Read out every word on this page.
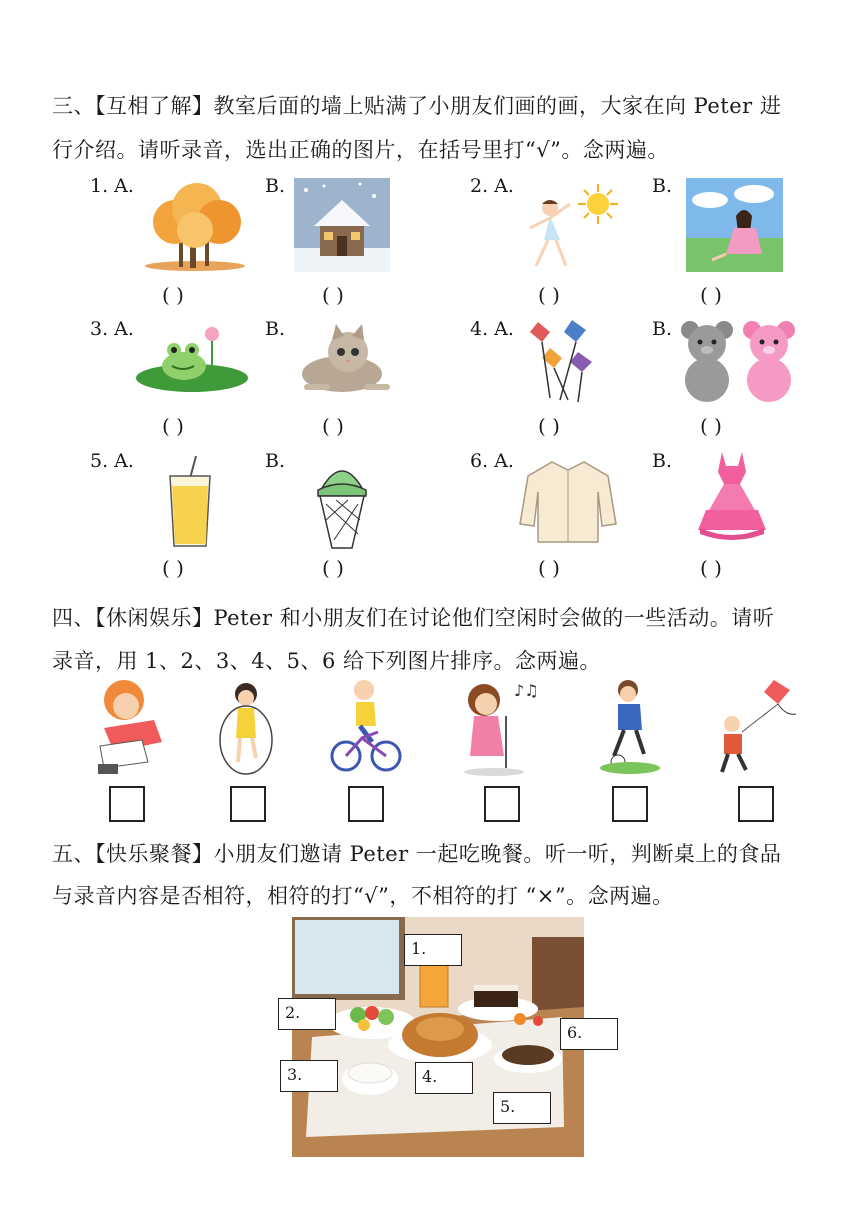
三、【互相了解】教室后面的墙上贴满了小朋友们画的画，大家在向 Peter 进
行介绍。请听录音，选出正确的图片，在括号里打“√”。念两遍。
1. A.	B.	2. A.	B.
( )	( )	( )	( )
3. A.	B.	4. A.	B.
( )	( )	( )	( )
5. A.	B.	6. A.	B.
( )	( )	( )	( )
四、【休闲娱乐】Peter 和小朋友们在讨论他们空闲时会做的一些活动。请听
录音，用 1、2、3、4、5、6 给下列图片排序。念两遍。
♪♫
五、【快乐聚餐】小朋友们邀请 Peter 一起吃晚餐。听一听，判断桌上的食品
与录音内容是否相符，相符的打“√”，不相符的打 “×”。念两遍。
1.
2.
6.
3.	4.
5.
